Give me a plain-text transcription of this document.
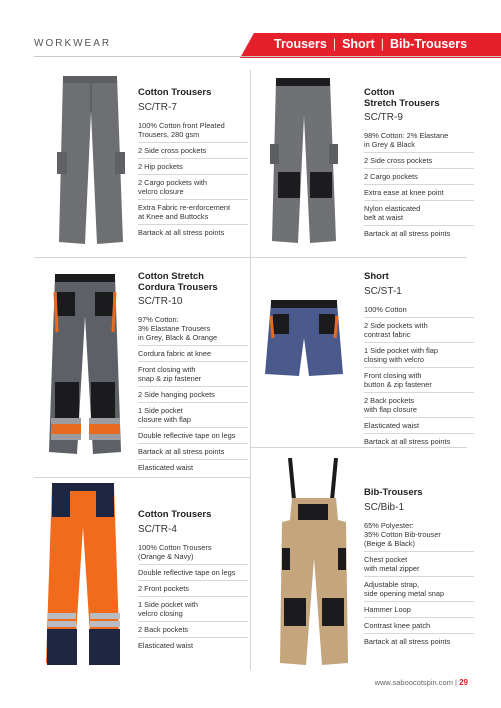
WORKWEAR	Trousers | Short | Bib-Trousers
Cotton Trousers
SC/TR-7
100% Cotton front Pleated
Trousers, 280 gsm
2 Side cross pockets
2 Hip pockets
2 Cargo pockets with
velcro closure
Extra Fabric re-enforcement
at Knee and Buttocks
Bartack at all stress points
Cotton
Stretch Trousers
SC/TR-9
98% Cotton: 2% Elastane
in Grey & Black
2 Side cross pockets
2 Cargo pockets
Extra ease at knee point
Nylon elasticated
belt at waist
Bartack at all stress points
Cotton Stretch
Cordura Trousers
SC/TR-10
97% Cotton:
3% Elastane Trousers
in Grey, Black & Orange
Cordura fabric at knee
Front closing with
snap & zip fastener
2 Side hanging pockets
1 Side pocket
closure with flap
Double reflective tape on legs
Bartack at all stress points
Elasticated waist
Short
SC/ST-1
100% Cotton
2 Side pockets with
contrast fabric
1 Side pocket with flap
closing with velcro
Front closing with
button & zip fastener
2 Back pockets
with flap closure
Elasticated waist
Bartack at all stress points
Cotton Trousers
SC/TR-4
100% Cotton Trousers
(Orange & Navy)
Double reflective tape on legs
2 Front pockets
1 Side pocket with
velcro closing
2 Back pockets
Elasticated waist
Bib-Trousers
SC/Bib-1
65% Polyester:
35% Cotton Bib-trouser
(Beige & Black)
Chest pocket
with metal zipper
Adjustable strap,
side opening metal snap
Hammer Loop
Contrast knee patch
Bartack at all stress points
www.saboocotspin.com | 29
